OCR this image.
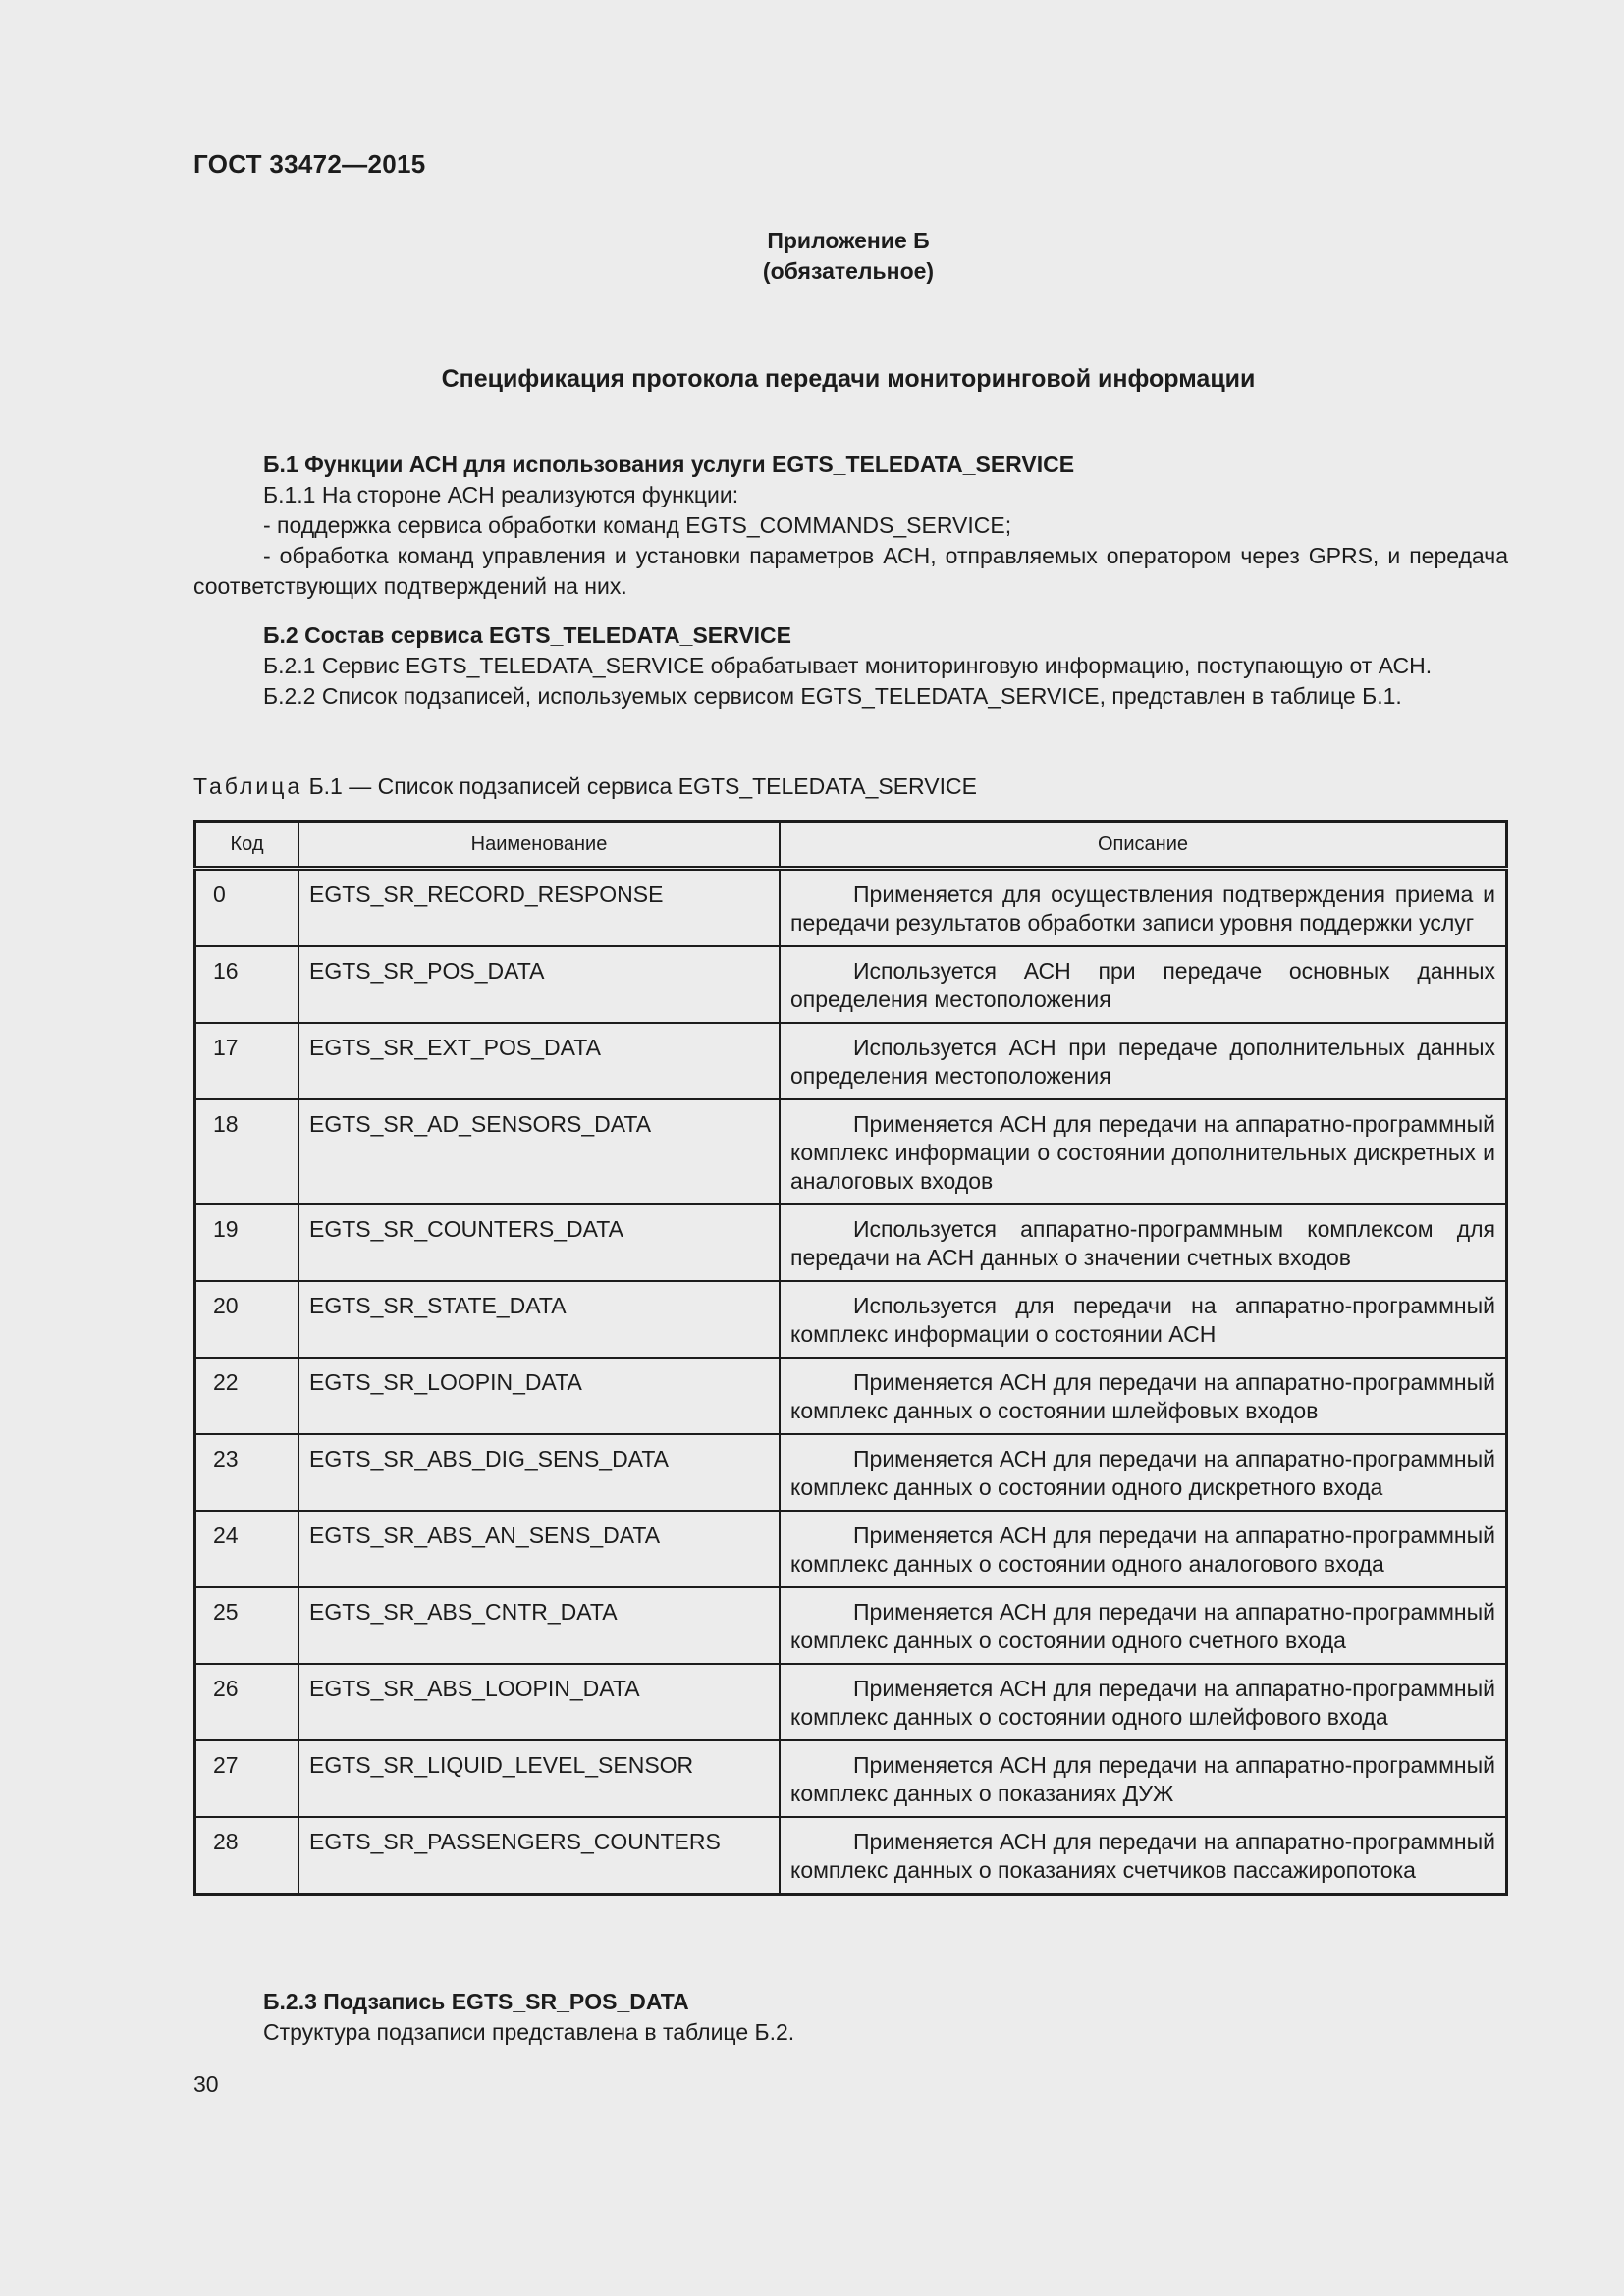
ГОСТ 33472—2015
Приложение Б
(обязательное)
Спецификация протокола передачи мониторинговой информации

Б.1 Функции АСН для использования услуги EGTS_TELEDATA_SERVICE

Б.1.1 На стороне АСН реализуются функции:

- поддержка сервиса обработки команд EGTS_COMMANDS_SERVICE;

- обработка команд управления и установки параметров АСН, отправляемых оператором через GPRS, и передача соответствующих подтверждений на них.

Б.2 Состав сервиса EGTS_TELEDATA_SERVICE

Б.2.1 Сервис EGTS_TELEDATA_SERVICE обрабатывает мониторинговую информацию, поступающую от АСН.

Б.2.2 Список подзаписей, используемых сервисом EGTS_TELEDATA_SERVICE, представлен в таблице Б.1.

Таблица Б.1 — Список подзаписей сервиса EGTS_TELEDATA_SERVICE
Код	Наименование	Описание
0	EGTS_SR_RECORD_RESPONSE	Применяется для осуществления подтверждения приема и передачи результатов обработки записи уровня поддержки услуг
16	EGTS_SR_POS_DATA	Используется АСН при передаче основных данных определения местоположения
17	EGTS_SR_EXT_POS_DATA	Используется АСН при передаче дополнительных данных определения местоположения
18	EGTS_SR_AD_SENSORS_DATA	Применяется АСН для передачи на аппаратно-программный комплекс информации о состоянии дополнительных дискретных и аналоговых входов
19	EGTS_SR_COUNTERS_DATA	Используется аппаратно-программным комплексом для передачи на АСН данных о значении счетных входов
20	EGTS_SR_STATE_DATA	Используется для передачи на аппаратно-программный комплекс информации о состоянии АСН
22	EGTS_SR_LOOPIN_DATA	Применяется АСН для передачи на аппаратно-программный комплекс данных о состоянии шлейфовых входов
23	EGTS_SR_ABS_DIG_SENS_DATA	Применяется АСН для передачи на аппаратно-программный комплекс данных о состоянии одного дискретного входа
24	EGTS_SR_ABS_AN_SENS_DATA	Применяется АСН для передачи на аппаратно-программный комплекс данных о состоянии одного аналогового входа
25	EGTS_SR_ABS_CNTR_DATA	Применяется АСН для передачи на аппаратно-программный комплекс данных о состоянии одного счетного входа
26	EGTS_SR_ABS_LOOPIN_DATA	Применяется АСН для передачи на аппаратно-программный комплекс данных о состоянии одного шлейфового входа
27	EGTS_SR_LIQUID_LEVEL_SENSOR	Применяется АСН для передачи на аппаратно-программный комплекс данных о показаниях ДУЖ
28	EGTS_SR_PASSENGERS_COUNTERS	Применяется АСН для передачи на аппаратно-программный комплекс данных о показаниях счетчиков пассажиропотока

Б.2.3 Подзапись EGTS_SR_POS_DATA

Структура подзаписи представлена в таблице Б.2.

30
